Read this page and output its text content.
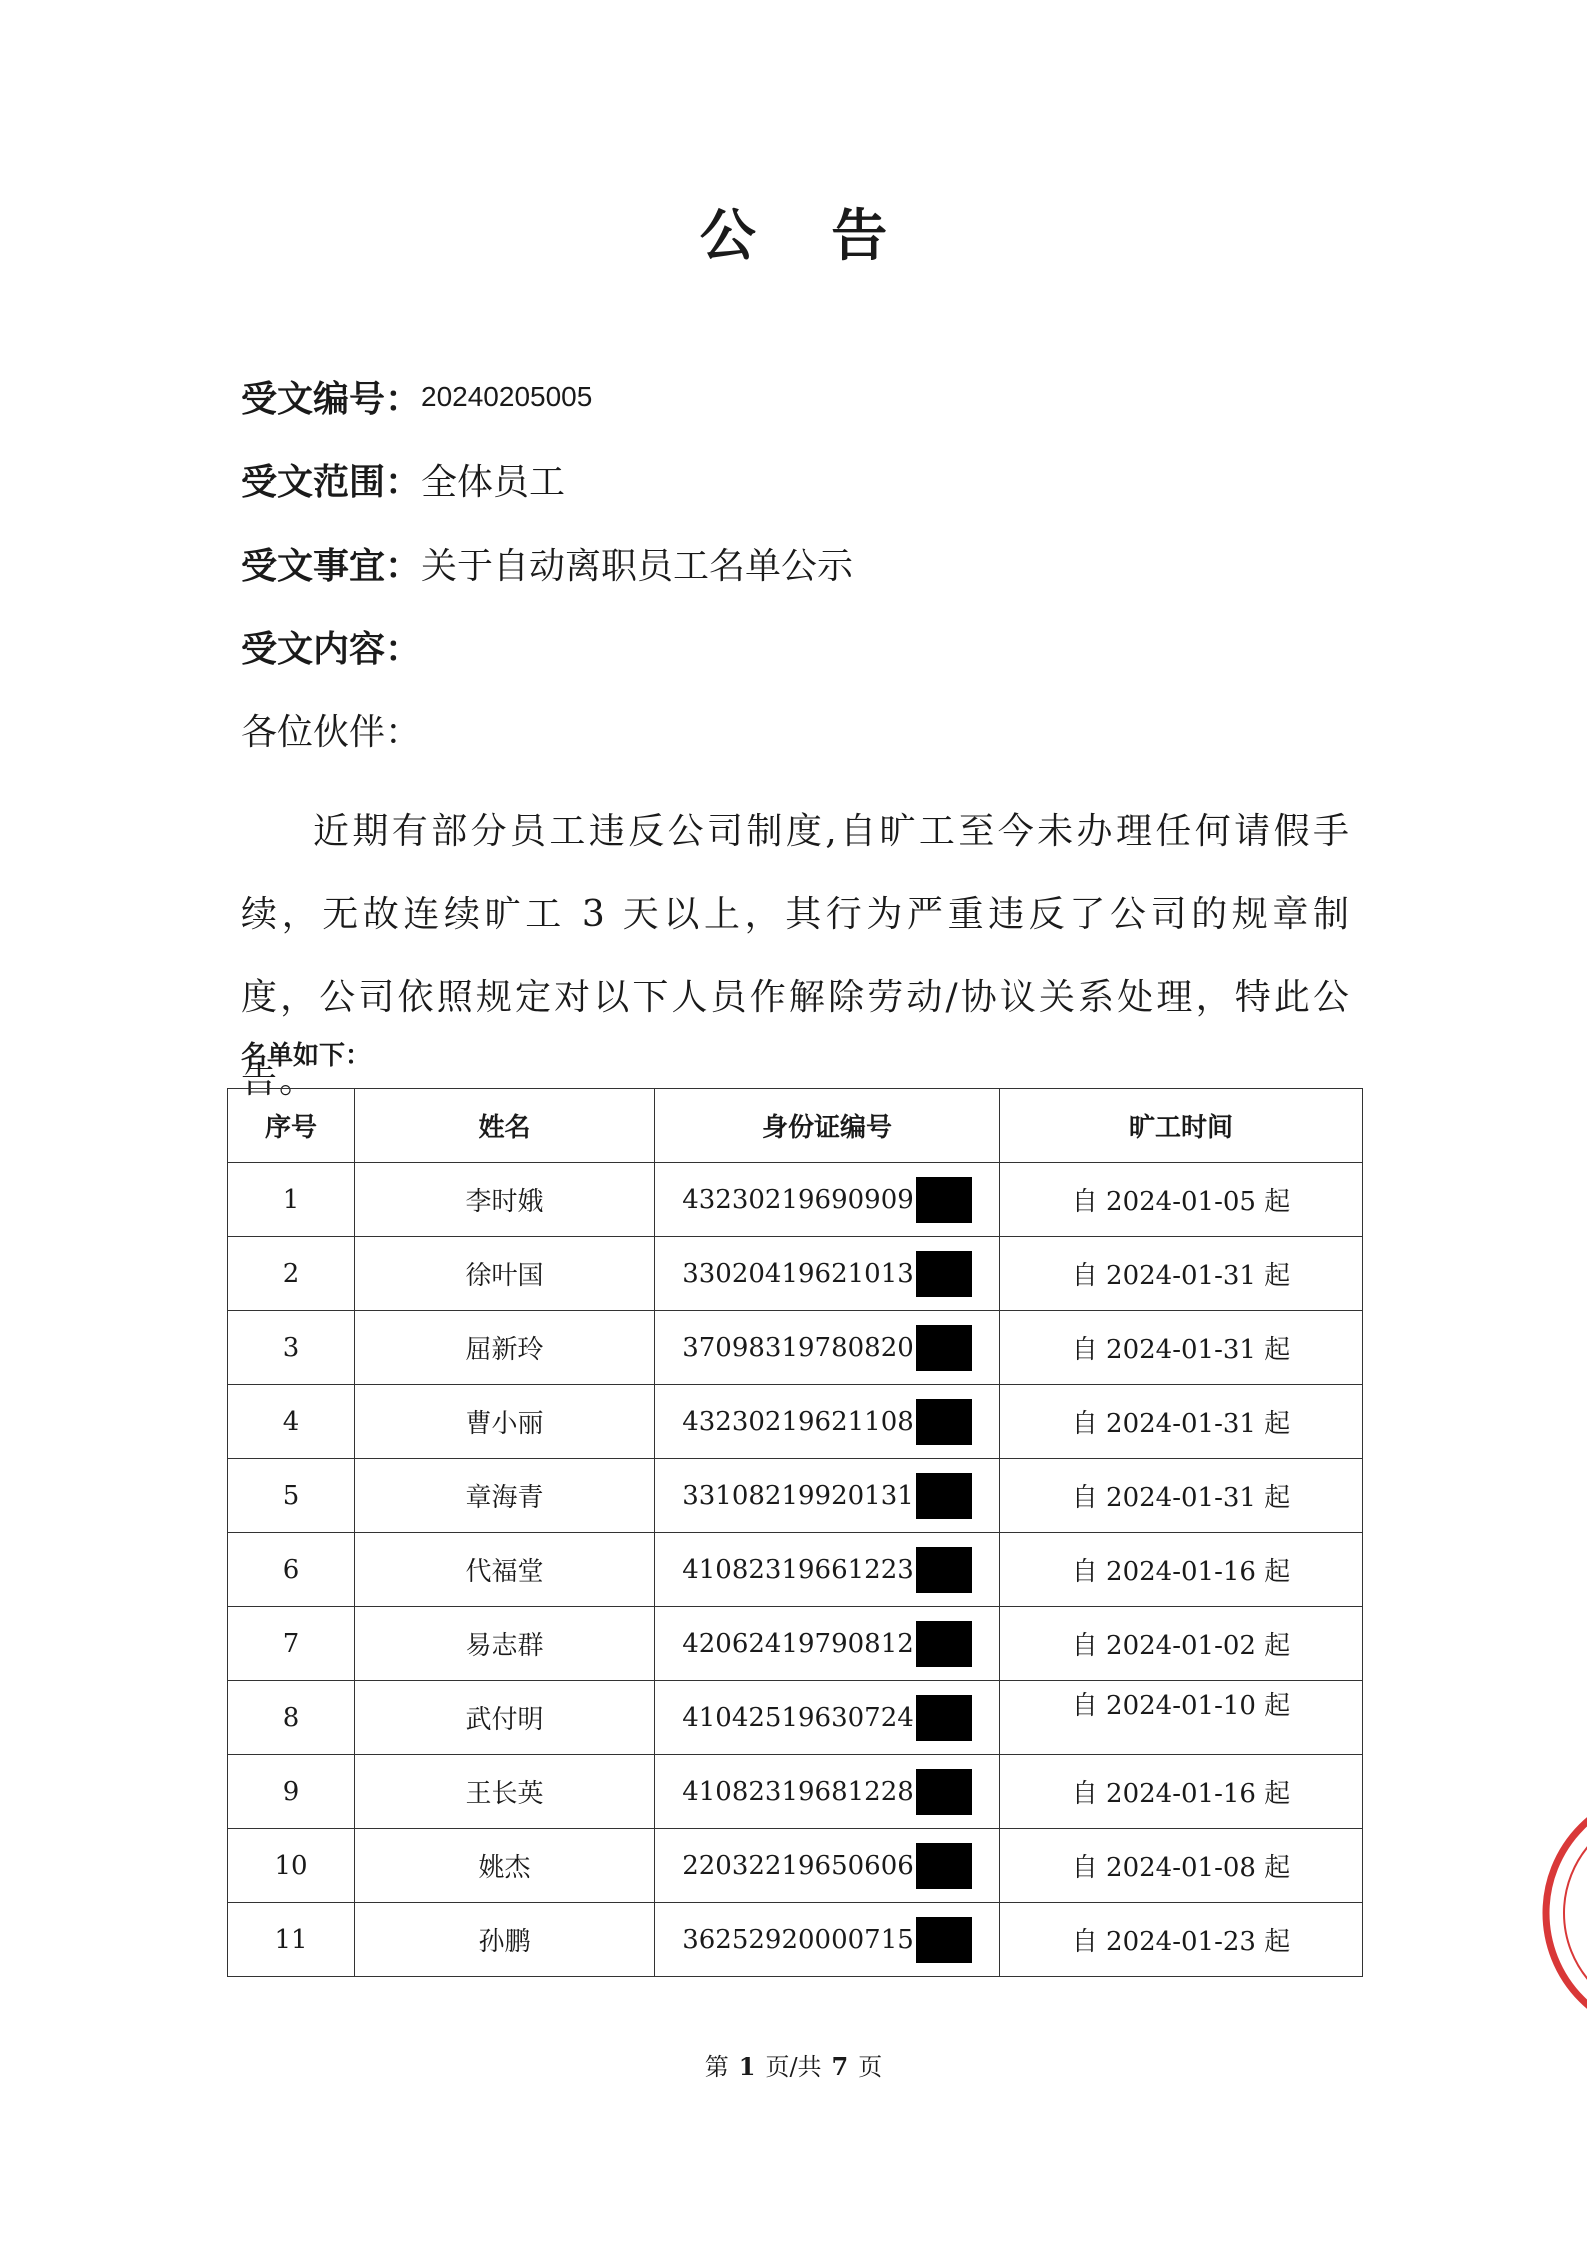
公 告
受文编号：20240205005
受文范围：全体员工
受文事宜：关于自动离职员工名单公示
受文内容：
各位伙伴：
近期有部分员工违反公司制度,自旷工至今未办理任何请假手续，无故连续旷工 3 天以上，其行为严重违反了公司的规章制度，公司依照规定对以下人员作解除劳动/协议关系处理，特此公告。
名单如下：
序号	姓名	身份证编号	旷工时间
1	李时娥	43230219690909	自 2024-01-05 起
2	徐叶国	33020419621013	自 2024-01-31 起
3	屈新玲	37098319780820	自 2024-01-31 起
4	曹小丽	43230219621108	自 2024-01-31 起
5	章海青	33108219920131	自 2024-01-31 起
6	代福堂	41082319661223	自 2024-01-16 起
7	易志群	42062419790812	自 2024-01-02 起
8	武付明	41042519630724	自 2024-01-10 起
9	王长英	41082319681228	自 2024-01-16 起
10	姚杰	22032219650606	自 2024-01-08 起
11	孙鹏	36252920000715	自 2024-01-23 起
第 1 页/共 7 页
